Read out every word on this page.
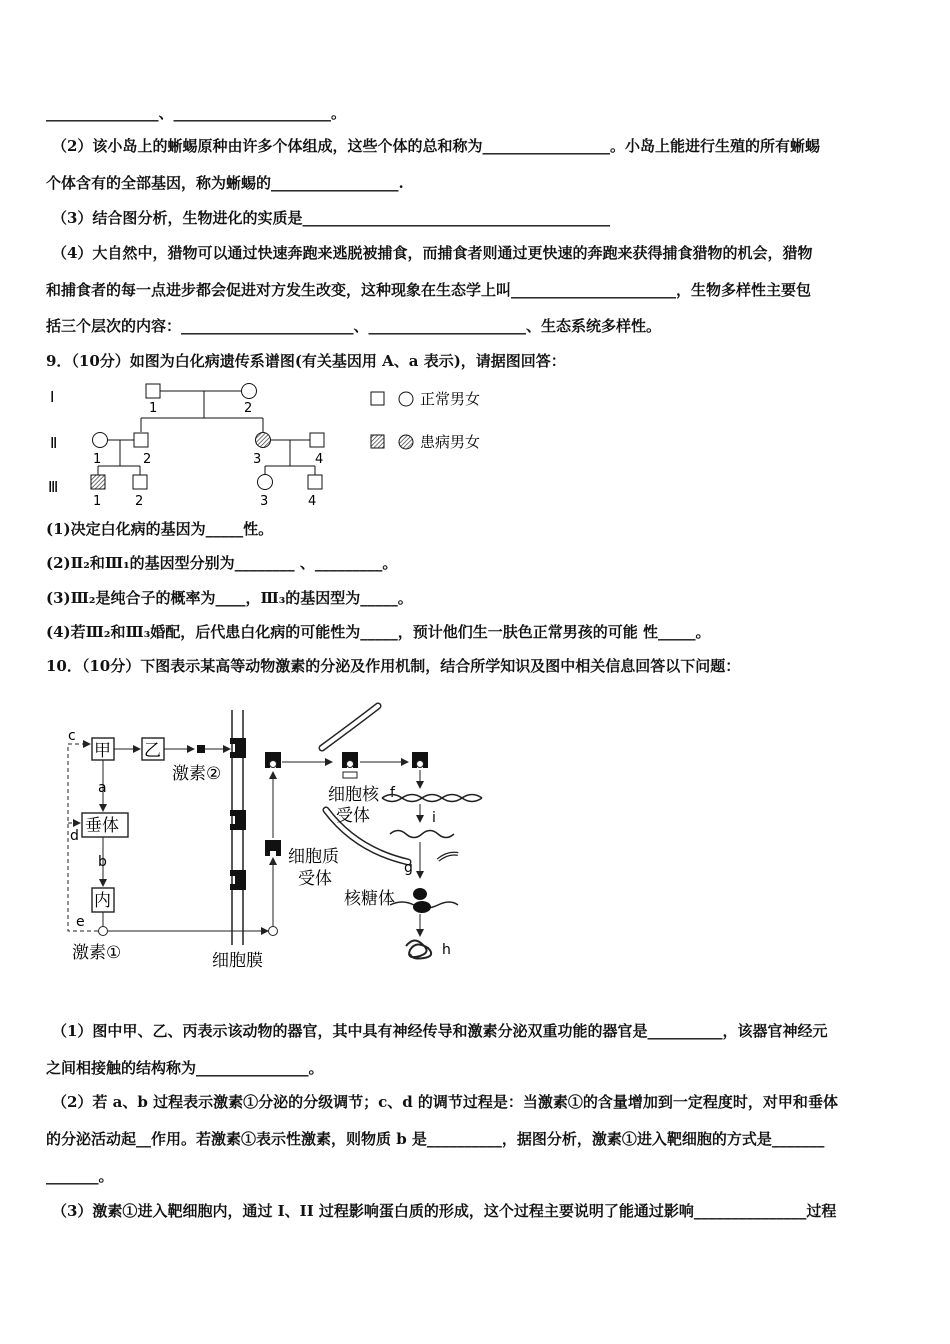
_______________、_____________________。
（2）该小岛上的蜥蜴原种由许多个体组成，这些个体的总和称为_________________。小岛上能进行生殖的所有蜥蜴
个体含有的全部基因，称为蜥蜴的_________________.
（3）结合图分析，生物进化的实质是_________________________________________
（4）大自然中，猎物可以通过快速奔跑来逃脱被捕食，而捕食者则通过更快速的奔跑来获得捕食猎物的机会，猎物
和捕食者的每一点进步都会促进对方发生改变，这种现象在生态学上叫______________________，生物多样性主要包
括三个层次的内容：_______________________、_____________________、生态系统多样性。
9．（10分）如图为白化病遗传系谱图(有关基因用 A、a 表示)，请据图回答：
Ⅰ
Ⅱ
Ⅲ
1	2
1	2	3	4
1	2	3	4
正常男女
患病男女
(1)决定白化病的基因为_____性。
(2)Ⅱ₂和Ⅲ₁的基因型分别为________ 、_________。
(3)Ⅲ₂是纯合子的概率为____，Ⅲ₃的基因型为_____。
(4)若Ⅲ₂和Ⅲ₃婚配，后代患白化病的可能性为_____，预计他们生一肤色正常男孩的可能 性_____。
10．（10分）下图表示某高等动物激素的分泌及作用机制，结合所学知识及图中相关信息回答以下问题：
甲 乙
垂体
内
激素②
a
b
激素①
c
d
e
细胞膜
细胞质
受体
细胞核
受体
f
i
g
核糖体
h
（1）图中甲、乙、丙表示该动物的器官，其中具有神经传导和激素分泌双重功能的器官是__________，该器官神经元
之间相接触的结构称为_______________。
（2）若 a、b 过程表示激素①分泌的分级调节；c、d 的调节过程是：当激素①的含量增加到一定程度时，对甲和垂体
的分泌活动起__作用。若激素①表示性激素，则物质 b 是__________，据图分析，激素①进入靶细胞的方式是_______
_______。
（3）激素①进入靶细胞内，通过 I、II 过程影响蛋白质的形成，这个过程主要说明了能通过影响_______________过程
